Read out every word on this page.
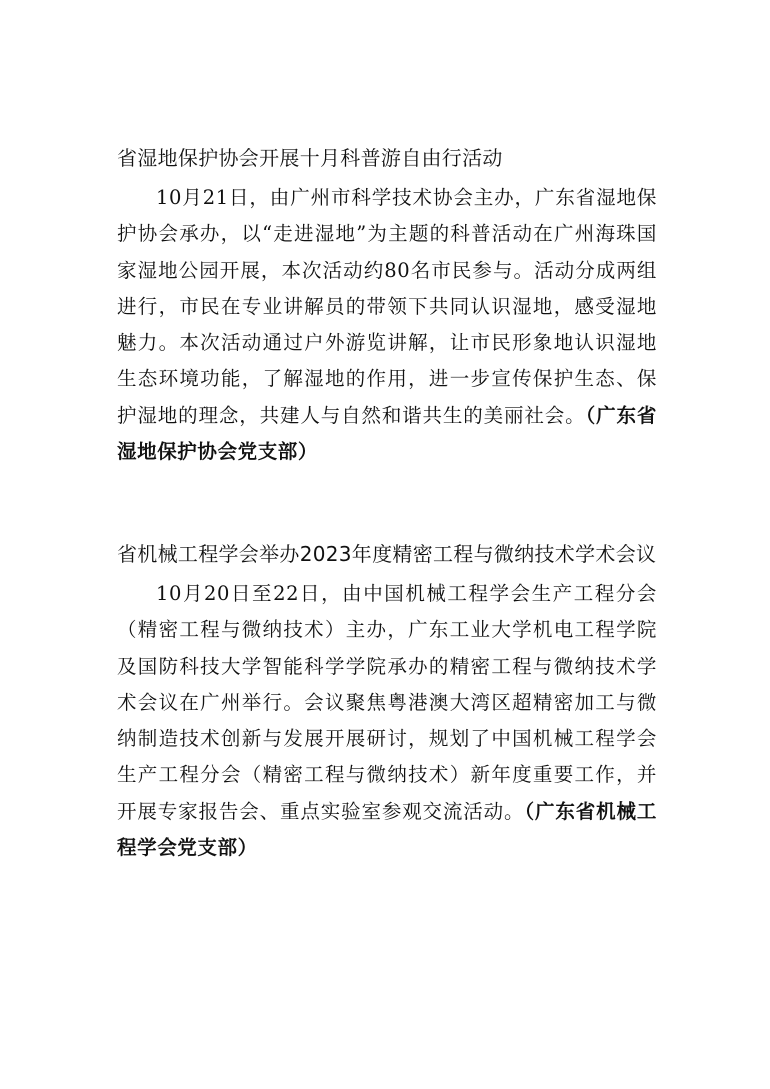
省湿地保护协会开展十月科普游自由行活动

10月21日，由广州市科学技术协会主办，广东省湿地保护协会承办，以“走进湿地”为主题的科普活动在广州海珠国家湿地公园开展，本次活动约80名市民参与。活动分成两组进行，市民在专业讲解员的带领下共同认识湿地，感受湿地魅力。本次活动通过户外游览讲解，让市民形象地认识湿地生态环境功能，了解湿地的作用，进一步宣传保护生态、保护湿地的理念，共建人与自然和谐共生的美丽社会。（广东省湿地保护协会党支部）

省机械工程学会举办2023年度精密工程与微纳技术学术会议

10月20日至22日，由中国机械工程学会生产工程分会（精密工程与微纳技术）主办，广东工业大学机电工程学院及国防科技大学智能科学学院承办的精密工程与微纳技术学术会议在广州举行。会议聚焦粤港澳大湾区超精密加工与微纳制造技术创新与发展开展研讨，规划了中国机械工程学会生产工程分会（精密工程与微纳技术）新年度重要工作，并开展专家报告会、重点实验室参观交流活动。（广东省机械工程学会党支部）
